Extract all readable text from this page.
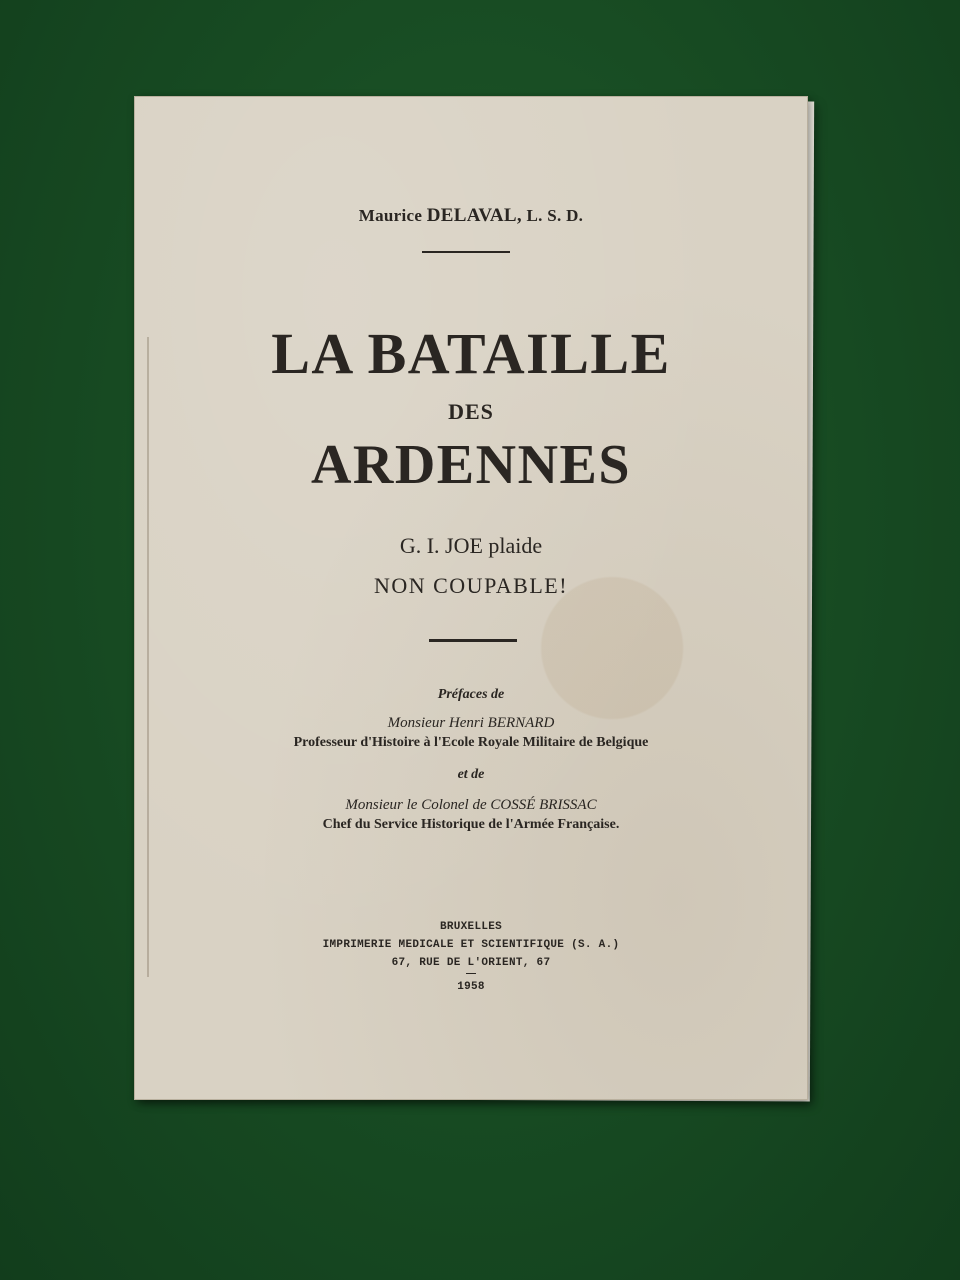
Maurice DELAVAL, L. S. D.
LA BATAILLE
DES
ARDENNES
G. I. JOE plaide
NON COUPABLE!
Préfaces de
Monsieur Henri BERNARD
Professeur d'Histoire à l'Ecole Royale Militaire de Belgique
et de
Monsieur le Colonel de COSSÉ BRISSAC
Chef du Service Historique de l'Armée Française.
BRUXELLES
IMPRIMERIE MEDICALE ET SCIENTIFIQUE (S. A.)
67, RUE DE L'ORIENT, 67
1958
